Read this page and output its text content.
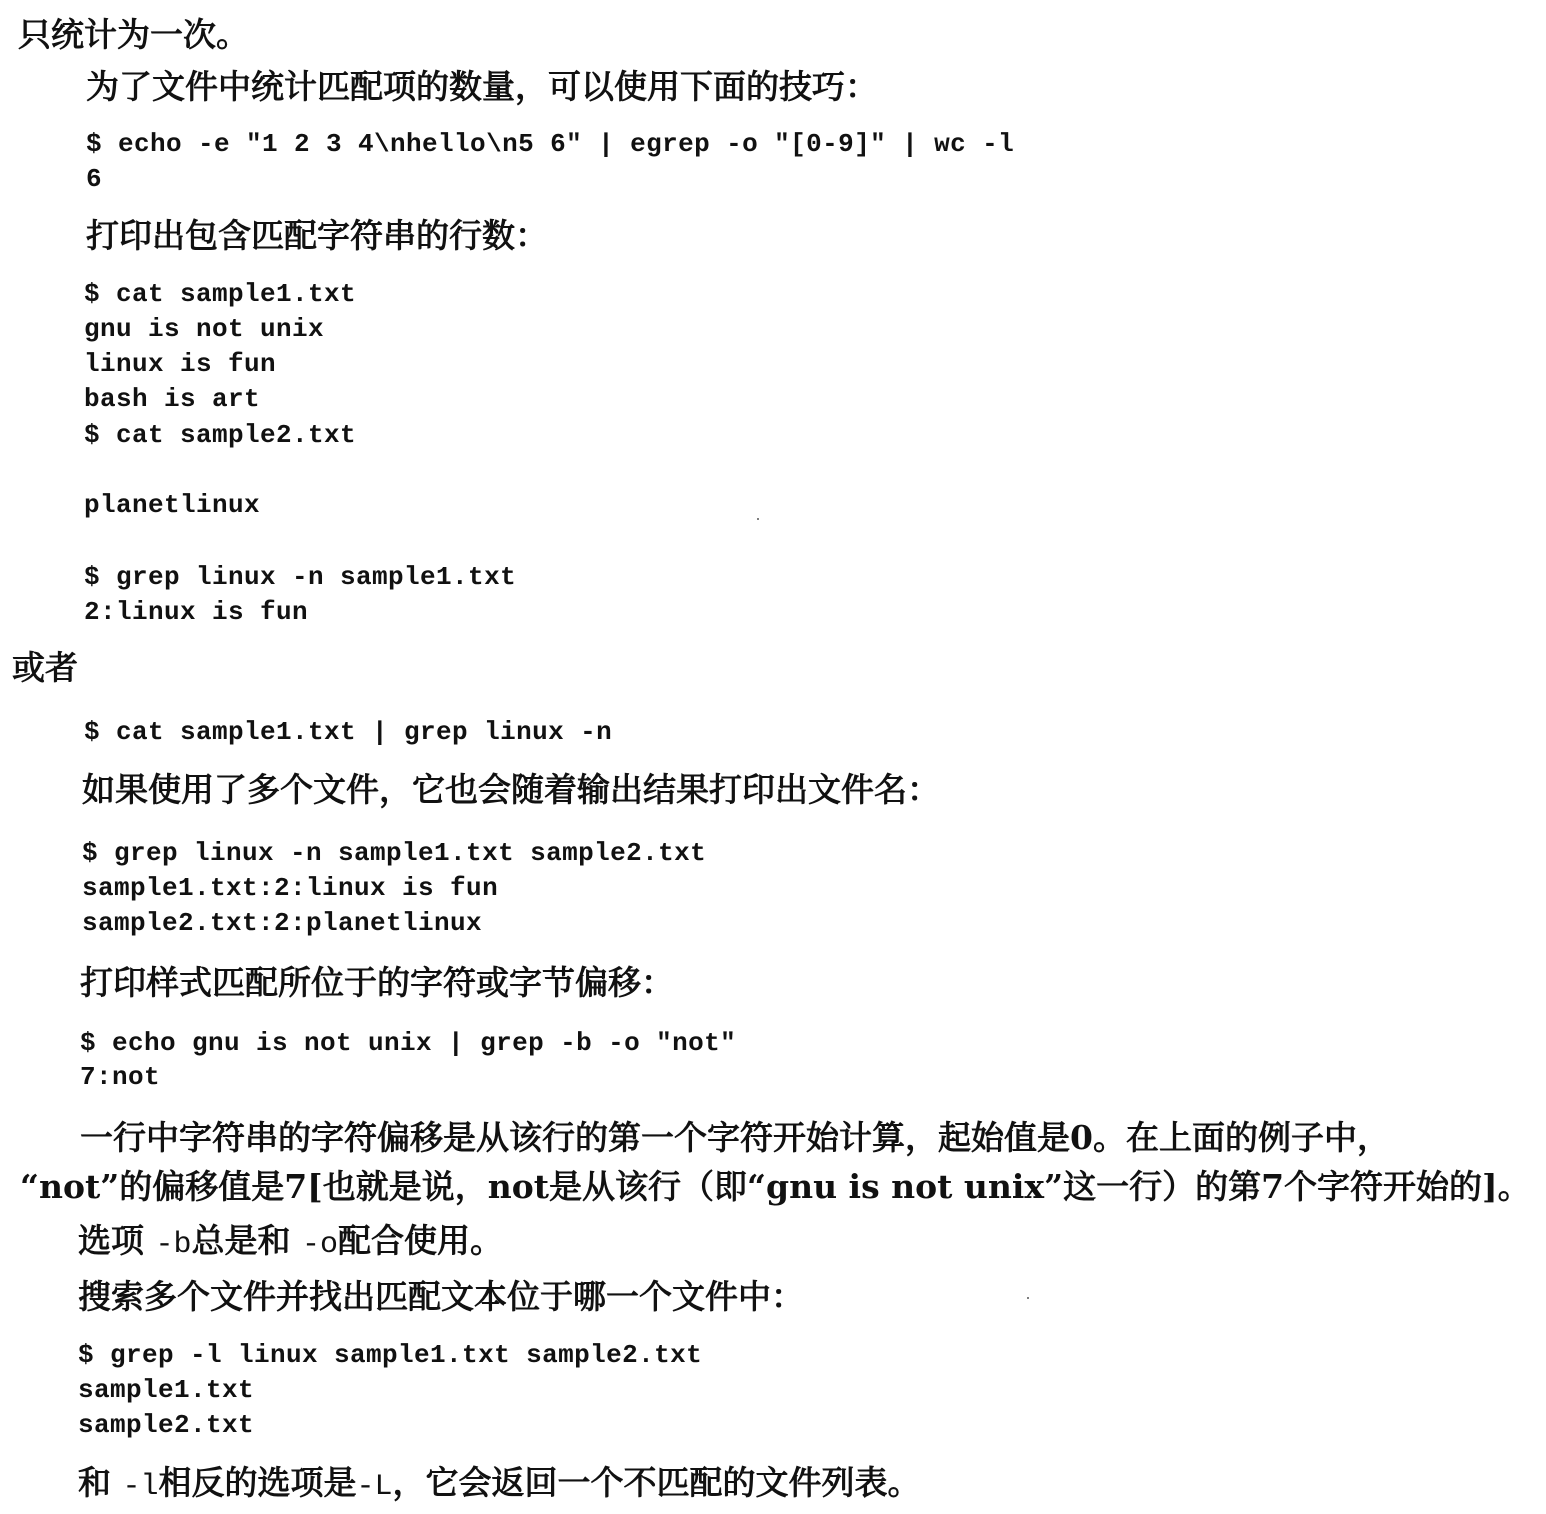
只统计为一次。
为了文件中统计匹配项的数量，可以使用下面的技巧：
$ echo -e "1 2 3 4\nhello\n5 6" | egrep -o "[0-9]" | wc -l
6
打印出包含匹配字符串的行数：
$ cat sample1.txt
gnu is not unix
linux is fun
bash is art
$ cat sample2.txt
planetlinux
$ grep linux -n sample1.txt
2:linux is fun
或者
$ cat sample1.txt | grep linux -n
如果使用了多个文件，它也会随着输出结果打印出文件名：
$ grep linux -n sample1.txt sample2.txt
sample1.txt:2:linux is fun
sample2.txt:2:planetlinux
打印样式匹配所位于的字符或字节偏移：
$ echo gnu is not unix | grep -b -o "not"
7:not
一行中字符串的字符偏移是从该行的第一个字符开始计算，起始值是0。在上面的例子中，
“not”的偏移值是7[也就是说，not是从该行（即“gnu is not unix”这一行）的第7个字符开始的]。
选项 -b总是和 -o配合使用。
搜索多个文件并找出匹配文本位于哪一个文件中：
$ grep -l linux sample1.txt sample2.txt
sample1.txt
sample2.txt
和 -l相反的选项是-L，它会返回一个不匹配的文件列表。
